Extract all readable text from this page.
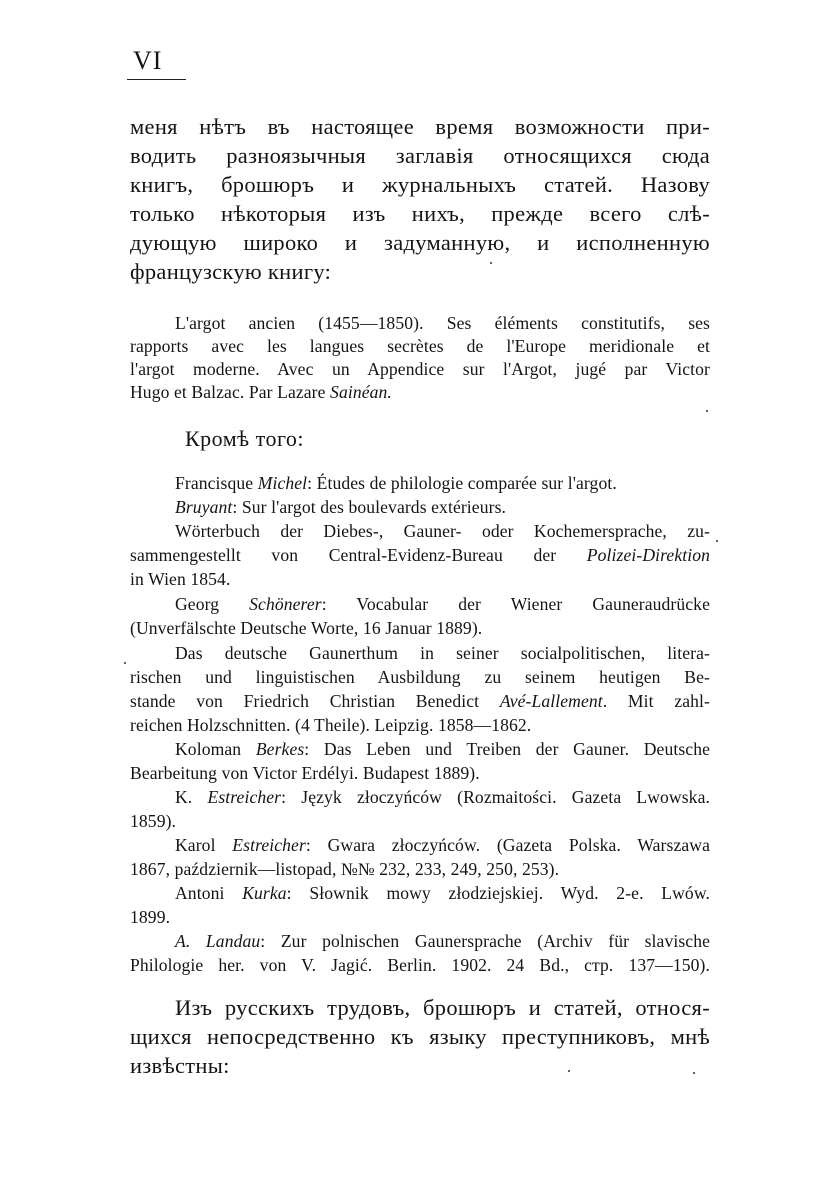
VI
меня нѣтъ въ настоящее время возможности при-
водить разноязычныя заглавія относящихся сюда
книгъ, брошюръ и журнальныхъ статей. Назову
только нѣкоторыя изъ нихъ, прежде всего слѣ-
дующую широко и задуманную, и исполненную
французскую книгу:
L'argot ancien (1455—1850). Ses éléments constitutifs, ses
rapports avec les langues secrètes de l'Europe meridionale et
l'argot moderne. Avec un Appendice sur l'Argot, jugé par Victor
Hugo et Balzac. Par Lazare Sainéan.
Кромѣ того:
Francisque Michel: Études de philologie comparée sur l'argot.
Bruyant: Sur l'argot des boulevards extérieurs.
Wörterbuch der Diebes-, Gauner- oder Kochemersprache, zu-
sammengestellt von Central-Evidenz-Bureau der Polizei-Direktion
in Wien 1854.
Georg Schönerer: Vocabular der Wiener Gauneraudrücke
(Unverfälschte Deutsche Worte, 16 Januar 1889).
Das deutsche Gaunerthum in seiner socialpolitischen, litera-
rischen und linguistischen Ausbildung zu seinem heutigen Be-
stande von Friedrich Christian Benedict Avé-Lallement. Mit zahl-
reichen Holzschnitten. (4 Theile). Leipzig. 1858—1862.
Koloman Berkes: Das Leben und Treiben der Gauner. Deutsche
Bearbeitung von Victor Erdélyi. Budapest 1889).
K. Estreicher: Język złoczyńców (Rozmaitości. Gazeta Lwowska.
1859).
Karol Estreicher: Gwara złoczyńców. (Gazeta Polska. Warszawa
1867, październik—listopad, №№ 232, 233, 249, 250, 253).
Antoni Kurka: Słownik mowy złodziejskiej. Wyd. 2-e. Lwów.
1899.
A. Landau: Zur polnischen Gaunersprache (Archiv für slavische
Philologie her. von V. Jagić. Berlin. 1902. 24 Bd., стр. 137—150).
Изъ русскихъ трудовъ, брошюръ и статей, относя-
щихся непосредственно къ языку преступниковъ, мнѣ
извѣстны:
